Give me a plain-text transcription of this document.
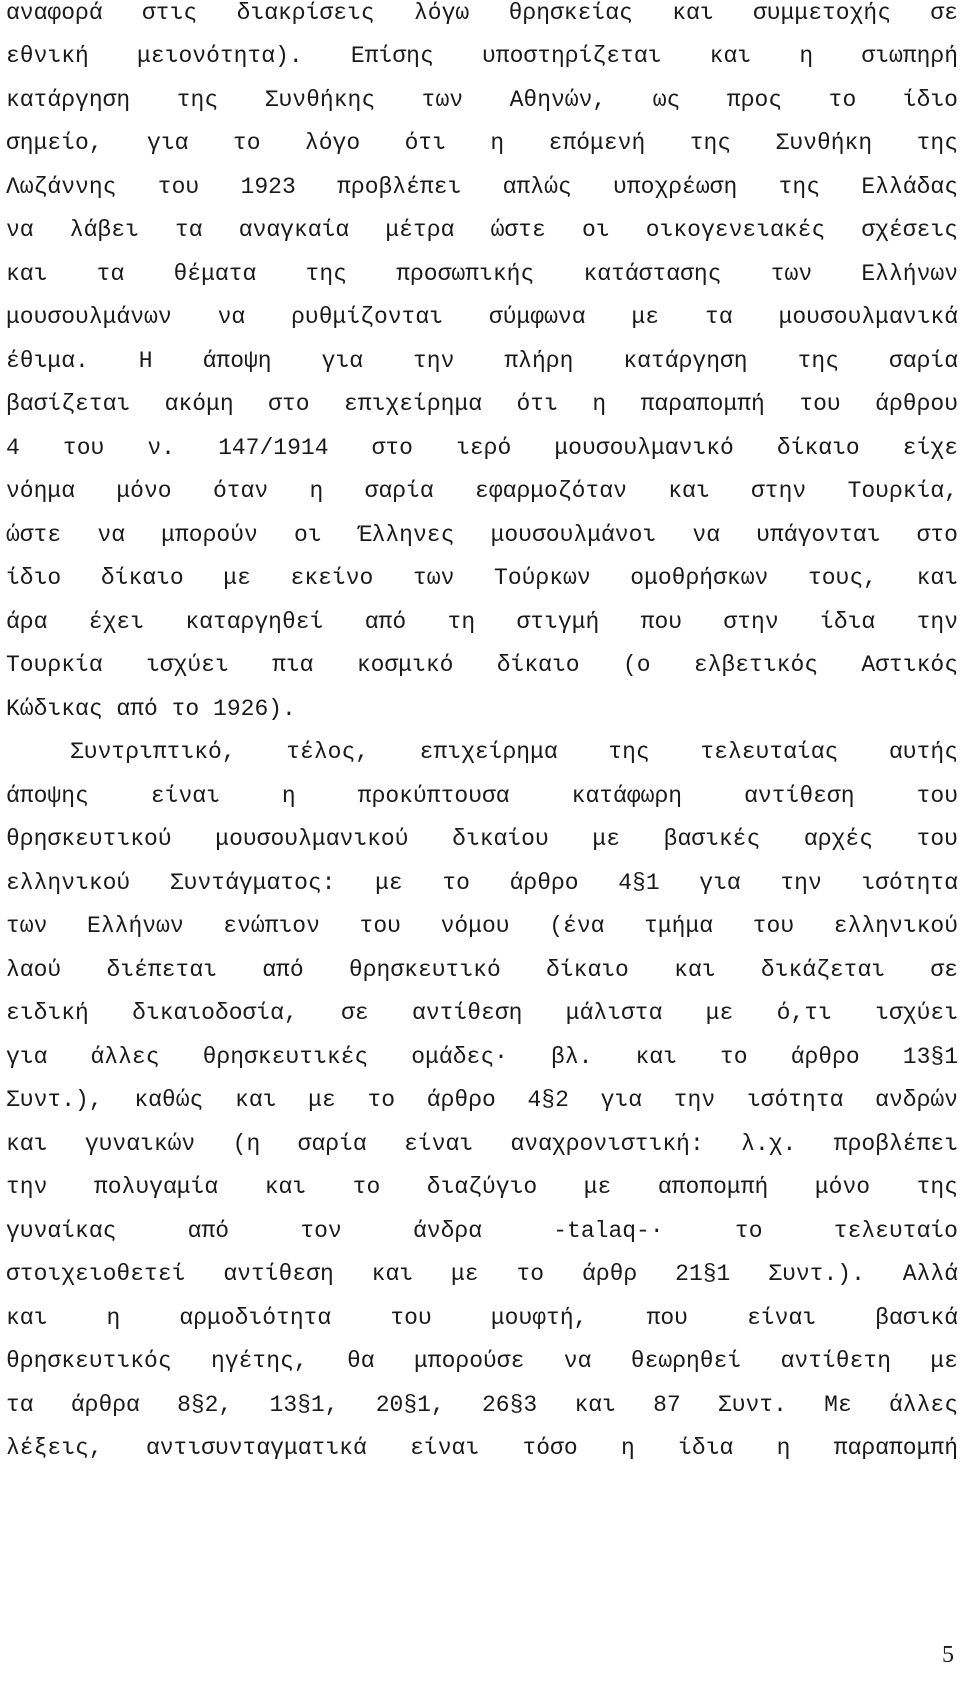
αναφορά στις διακρίσεις λόγω θρησκείας και συμμετοχής σε
εθνική μειονότητα). Επίσης υποστηρίζεται και η σιωπηρή
κατάργηση της Συνθήκης των Αθηνών, ως προς το ίδιο
σημείο, για το λόγο ότι η επόμενή της Συνθήκη της
Λωζάννης του 1923 προβλέπει απλώς υποχρέωση της Ελλάδας
να λάβει τα αναγκαία μέτρα ώστε οι οικογενειακές σχέσεις
και τα θέματα της προσωπικής κατάστασης των Ελλήνων
μουσουλμάνων να ρυθμίζονται σύμφωνα με τα μουσουλμανικά
έθιμα. Η άποψη για την πλήρη κατάργηση της σαρία
βασίζεται ακόμη στο επιχείρημα ότι η παραπομπή του άρθρου
4 του ν. 147/1914 στο ιερό μουσουλμανικό δίκαιο είχε
νόημα μόνο όταν η σαρία εφαρμοζόταν και στην Τουρκία,
ώστε να μπορούν οι Έλληνες μουσουλμάνοι να υπάγονται στο
ίδιο δίκαιο με εκείνο των Τούρκων ομοθρήσκων τους, και
άρα έχει καταργηθεί από τη στιγμή που στην ίδια την
Τουρκία ισχύει πια κοσμικό δίκαιο (ο ελβετικός Αστικός
Κώδικας από το 1926).
Συντριπτικό, τέλος, επιχείρημα της τελευταίας αυτής
άποψης είναι η προκύπτουσα κατάφωρη αντίθεση του
θρησκευτικού μουσουλμανικού δικαίου με βασικές αρχές του
ελληνικού Συντάγματος: με το άρθρο 4§1 για την ισότητα
των Ελλήνων ενώπιον του νόμου (ένα τμήμα του ελληνικού
λαού διέπεται από θρησκευτικό δίκαιο και δικάζεται σε
ειδική δικαιοδοσία, σε αντίθεση μάλιστα με ό,τι ισχύει
για άλλες θρησκευτικές ομάδες· βλ. και το άρθρο 13§1
Συντ.), καθώς και με το άρθρο 4§2 για την ισότητα ανδρών
και γυναικών (η σαρία είναι αναχρονιστική: λ.χ. προβλέπει
την πολυγαμία και το διαζύγιο με αποπομπή μόνο της
γυναίκας από τον άνδρα -talaq-· το τελευταίο
στοιχειοθετεί αντίθεση και με το άρθρ 21§1 Συντ.). Αλλά
και η αρμοδιότητα του μουφτή, που είναι βασικά
θρησκευτικός ηγέτης, θα μπορούσε να θεωρηθεί αντίθετη με
τα άρθρα 8§2, 13§1, 20§1, 26§3 και 87 Συντ. Με άλλες
λέξεις, αντισυνταγματικά είναι τόσο η ίδια η παραπομπή
5
